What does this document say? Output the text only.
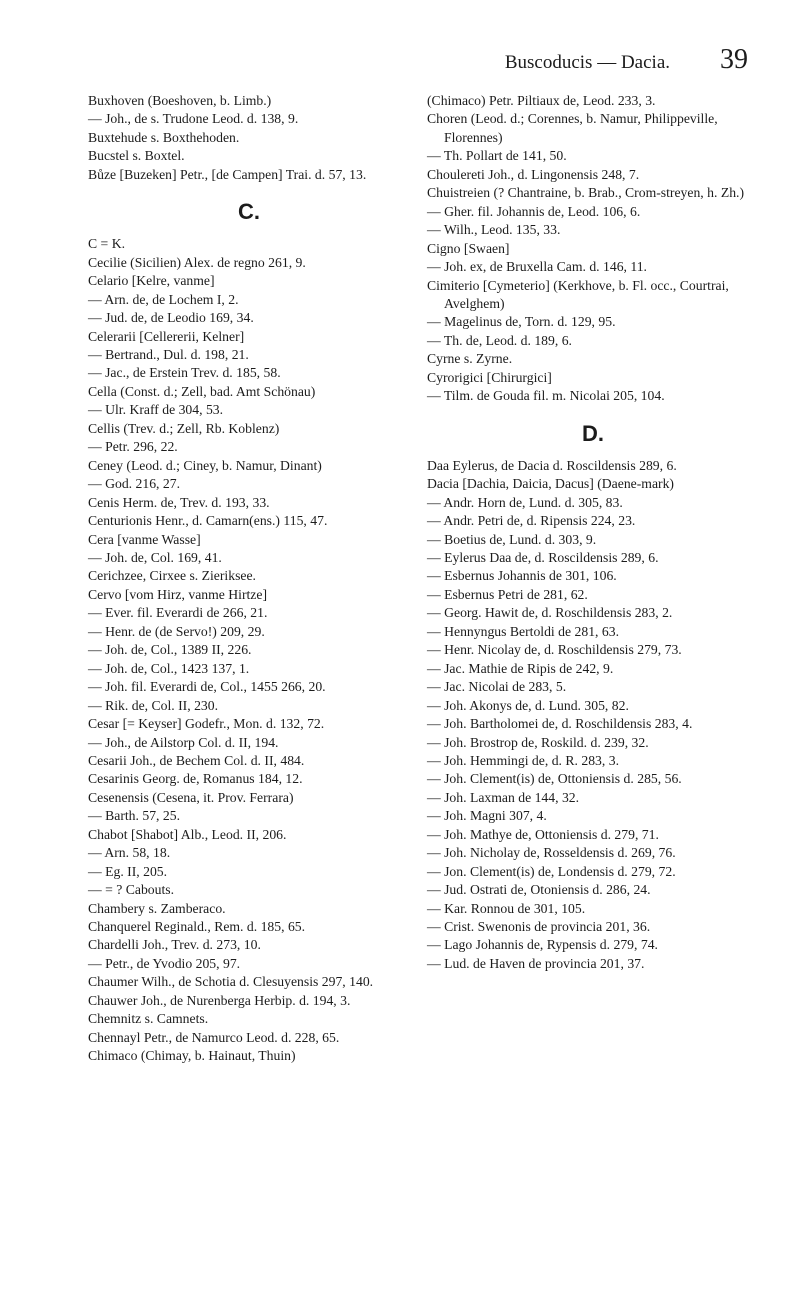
Buscoducis — Dacia. 39
Buxhoven (Boeshoven, b. Limb.)
— Joh., de s. Trudone Leod. d. 138, 9.
Buxtehude s. Boxthehoden.
Bucstel s. Boxtel.
Bůze [Buzeken] Petr., [de Campen] Trai. d. 57, 13.
C.
C = K.
Cecilie (Sicilien) Alex. de regno 261, 9.
Celario [Kelre, vanme]
— Arn. de, de Lochem I, 2.
— Jud. de, de Leodio 169, 34.
Celerarii [Cellererii, Kelner]
— Bertrand., Dul. d. 198, 21.
— Jac., de Erstein Trev. d. 185, 58.
Cella (Const. d.; Zell, bad. Amt Schönau)
— Ulr. Kraff de 304, 53.
Cellis (Trev. d.; Zell, Rb. Koblenz)
— Petr. 296, 22.
Ceney (Leod. d.; Ciney, b. Namur, Dinant)
— God. 216, 27.
Cenis Herm. de, Trev. d. 193, 33.
Centurionis Henr., d. Camarn(ens.) 115, 47.
Cera [vanme Wasse]
— Joh. de, Col. 169, 41.
Cerichzee, Cirxee s. Zieriksee.
Cervo [vom Hirz, vanme Hirtze]
— Ever. fil. Everardi de 266, 21.
— Henr. de (de Servo!) 209, 29.
— Joh. de, Col., 1389 II, 226.
— Joh. de, Col., 1423 137, 1.
— Joh. fil. Everardi de, Col., 1455 266, 20.
— Rik. de, Col. II, 230.
Cesar [= Keyser] Godefr., Mon. d. 132, 72.
— Joh., de Ailstorp Col. d. II, 194.
Cesarii Joh., de Bechem Col. d. II, 484.
Cesarinis Georg. de, Romanus 184, 12.
Cesenensis (Cesena, it. Prov. Ferrara)
— Barth. 57, 25.
Chabot [Shabot] Alb., Leod. II, 206.
— Arn. 58, 18.
— Eg. II, 205.
— = ? Cabouts.
Chambery s. Zamberaco.
Chanquerel Reginald., Rem. d. 185, 65.
Chardelli Joh., Trev. d. 273, 10.
— Petr., de Yvodio 205, 97.
Chaumer Wilh., de Schotia d. Clesuyensis 297, 140.
Chauwer Joh., de Nurenberga Herbip. d. 194, 3.
Chemnitz s. Camnets.
Chennayl Petr., de Namurco Leod. d. 228, 65.
Chimaco (Chimay, b. Hainaut, Thuin)
(Chimaco) Petr. Piltiaux de, Leod. 233, 3.
Choren (Leod. d.; Corennes, b. Namur, Philippeville, Florennes)
— Th. Pollart de 141, 50.
Choulereti Joh., d. Lingonensis 248, 7.
Chuistreien (? Chantraine, b. Brab., Crom-streyen, h. Zh.)
— Gher. fil. Johannis de, Leod. 106, 6.
— Wilh., Leod. 135, 33.
Cigno [Swaen]
— Joh. ex, de Bruxella Cam. d. 146, 11.
Cimiterio [Cymeterio] (Kerkhove, b. Fl. occ., Courtrai, Avelghem)
— Magelinus de, Torn. d. 129, 95.
— Th. de, Leod. d. 189, 6.
Cyrne s. Zyrne.
Cyrorigici [Chirurgici]
— Tilm. de Gouda fil. m. Nicolai 205, 104.
D.
Daa Eylerus, de Dacia d. Roscildensis 289, 6.
Dacia [Dachia, Daicia, Dacus] (Daene-mark)
— Andr. Horn de, Lund. d. 305, 83.
— Andr. Petri de, d. Ripensis 224, 23.
— Boetius de, Lund. d. 303, 9.
— Eylerus Daa de, d. Roscildensis 289, 6.
— Esbernus Johannis de 301, 106.
— Esbernus Petri de 281, 62.
— Georg. Hawit de, d. Roschildensis 283, 2.
— Hennyngus Bertoldi de 281, 63.
— Henr. Nicolay de, d. Roschildensis 279, 73.
— Jac. Mathie de Ripis de 242, 9.
— Jac. Nicolai de 283, 5.
— Joh. Akonys de, d. Lund. 305, 82.
— Joh. Bartholomei de, d. Roschildensis 283, 4.
— Joh. Brostrop de, Roskild. d. 239, 32.
— Joh. Hemmingi de, d. R. 283, 3.
— Joh. Clement(is) de, Ottoniensis d. 285, 56.
— Joh. Laxman de 144, 32.
— Joh. Magni 307, 4.
— Joh. Mathye de, Ottoniensis d. 279, 71.
— Joh. Nicholay de, Rosseldensis d. 269, 76.
— Jon. Clement(is) de, Londensis d. 279, 72.
— Jud. Ostrati de, Otoniensis d. 286, 24.
— Kar. Ronnou de 301, 105.
— Crist. Swenonis de provincia 201, 36.
— Lago Johannis de, Rypensis d. 279, 74.
— Lud. de Haven de provincia 201, 37.
